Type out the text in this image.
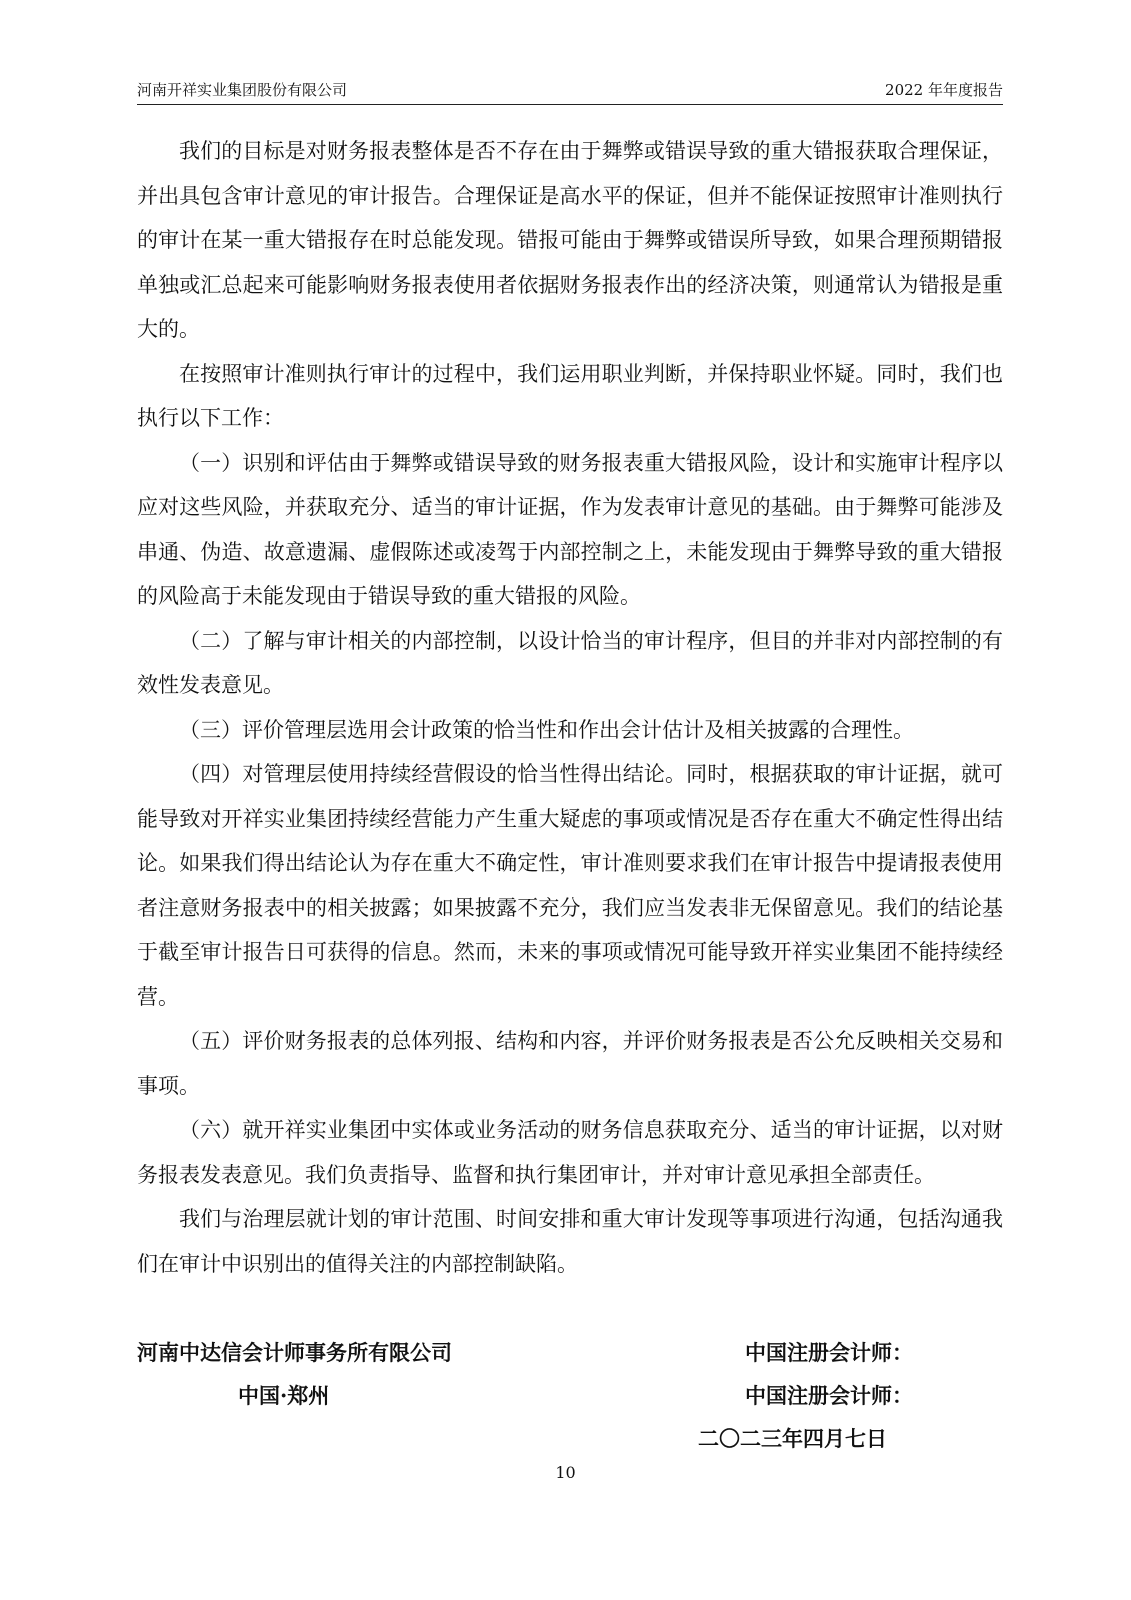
河南开祥实业集团股份有限公司	2022 年年度报告

我们的目标是对财务报表整体是否不存在由于舞弊或错误导致的重大错报获取合理保证，并出具包含审计意见的审计报告。合理保证是高水平的保证，但并不能保证按照审计准则执行的审计在某一重大错报存在时总能发现。错报可能由于舞弊或错误所导致，如果合理预期错报单独或汇总起来可能影响财务报表使用者依据财务报表作出的经济决策，则通常认为错报是重大的。

在按照审计准则执行审计的过程中，我们运用职业判断，并保持职业怀疑。同时，我们也执行以下工作：

（一）识别和评估由于舞弊或错误导致的财务报表重大错报风险，设计和实施审计程序以应对这些风险，并获取充分、适当的审计证据，作为发表审计意见的基础。由于舞弊可能涉及串通、伪造、故意遗漏、虚假陈述或凌驾于内部控制之上，未能发现由于舞弊导致的重大错报的风险高于未能发现由于错误导致的重大错报的风险。

（二）了解与审计相关的内部控制，以设计恰当的审计程序，但目的并非对内部控制的有效性发表意见。

（三）评价管理层选用会计政策的恰当性和作出会计估计及相关披露的合理性。

（四）对管理层使用持续经营假设的恰当性得出结论。同时，根据获取的审计证据，就可能导致对开祥实业集团持续经营能力产生重大疑虑的事项或情况是否存在重大不确定性得出结论。如果我们得出结论认为存在重大不确定性，审计准则要求我们在审计报告中提请报表使用者注意财务报表中的相关披露；如果披露不充分，我们应当发表非无保留意见。我们的结论基于截至审计报告日可获得的信息。然而，未来的事项或情况可能导致开祥实业集团不能持续经营。

（五）评价财务报表的总体列报、结构和内容，并评价财务报表是否公允反映相关交易和事项。

（六）就开祥实业集团中实体或业务活动的财务信息获取充分、适当的审计证据，以对财务报表发表意见。我们负责指导、监督和执行集团审计，并对审计意见承担全部责任。

我们与治理层就计划的审计范围、时间安排和重大审计发现等事项进行沟通，包括沟通我们在审计中识别出的值得关注的内部控制缺陷。

河南中达信会计师事务所有限公司
中国·郑州
中国注册会计师：
中国注册会计师：
二〇二三年四月七日
10
